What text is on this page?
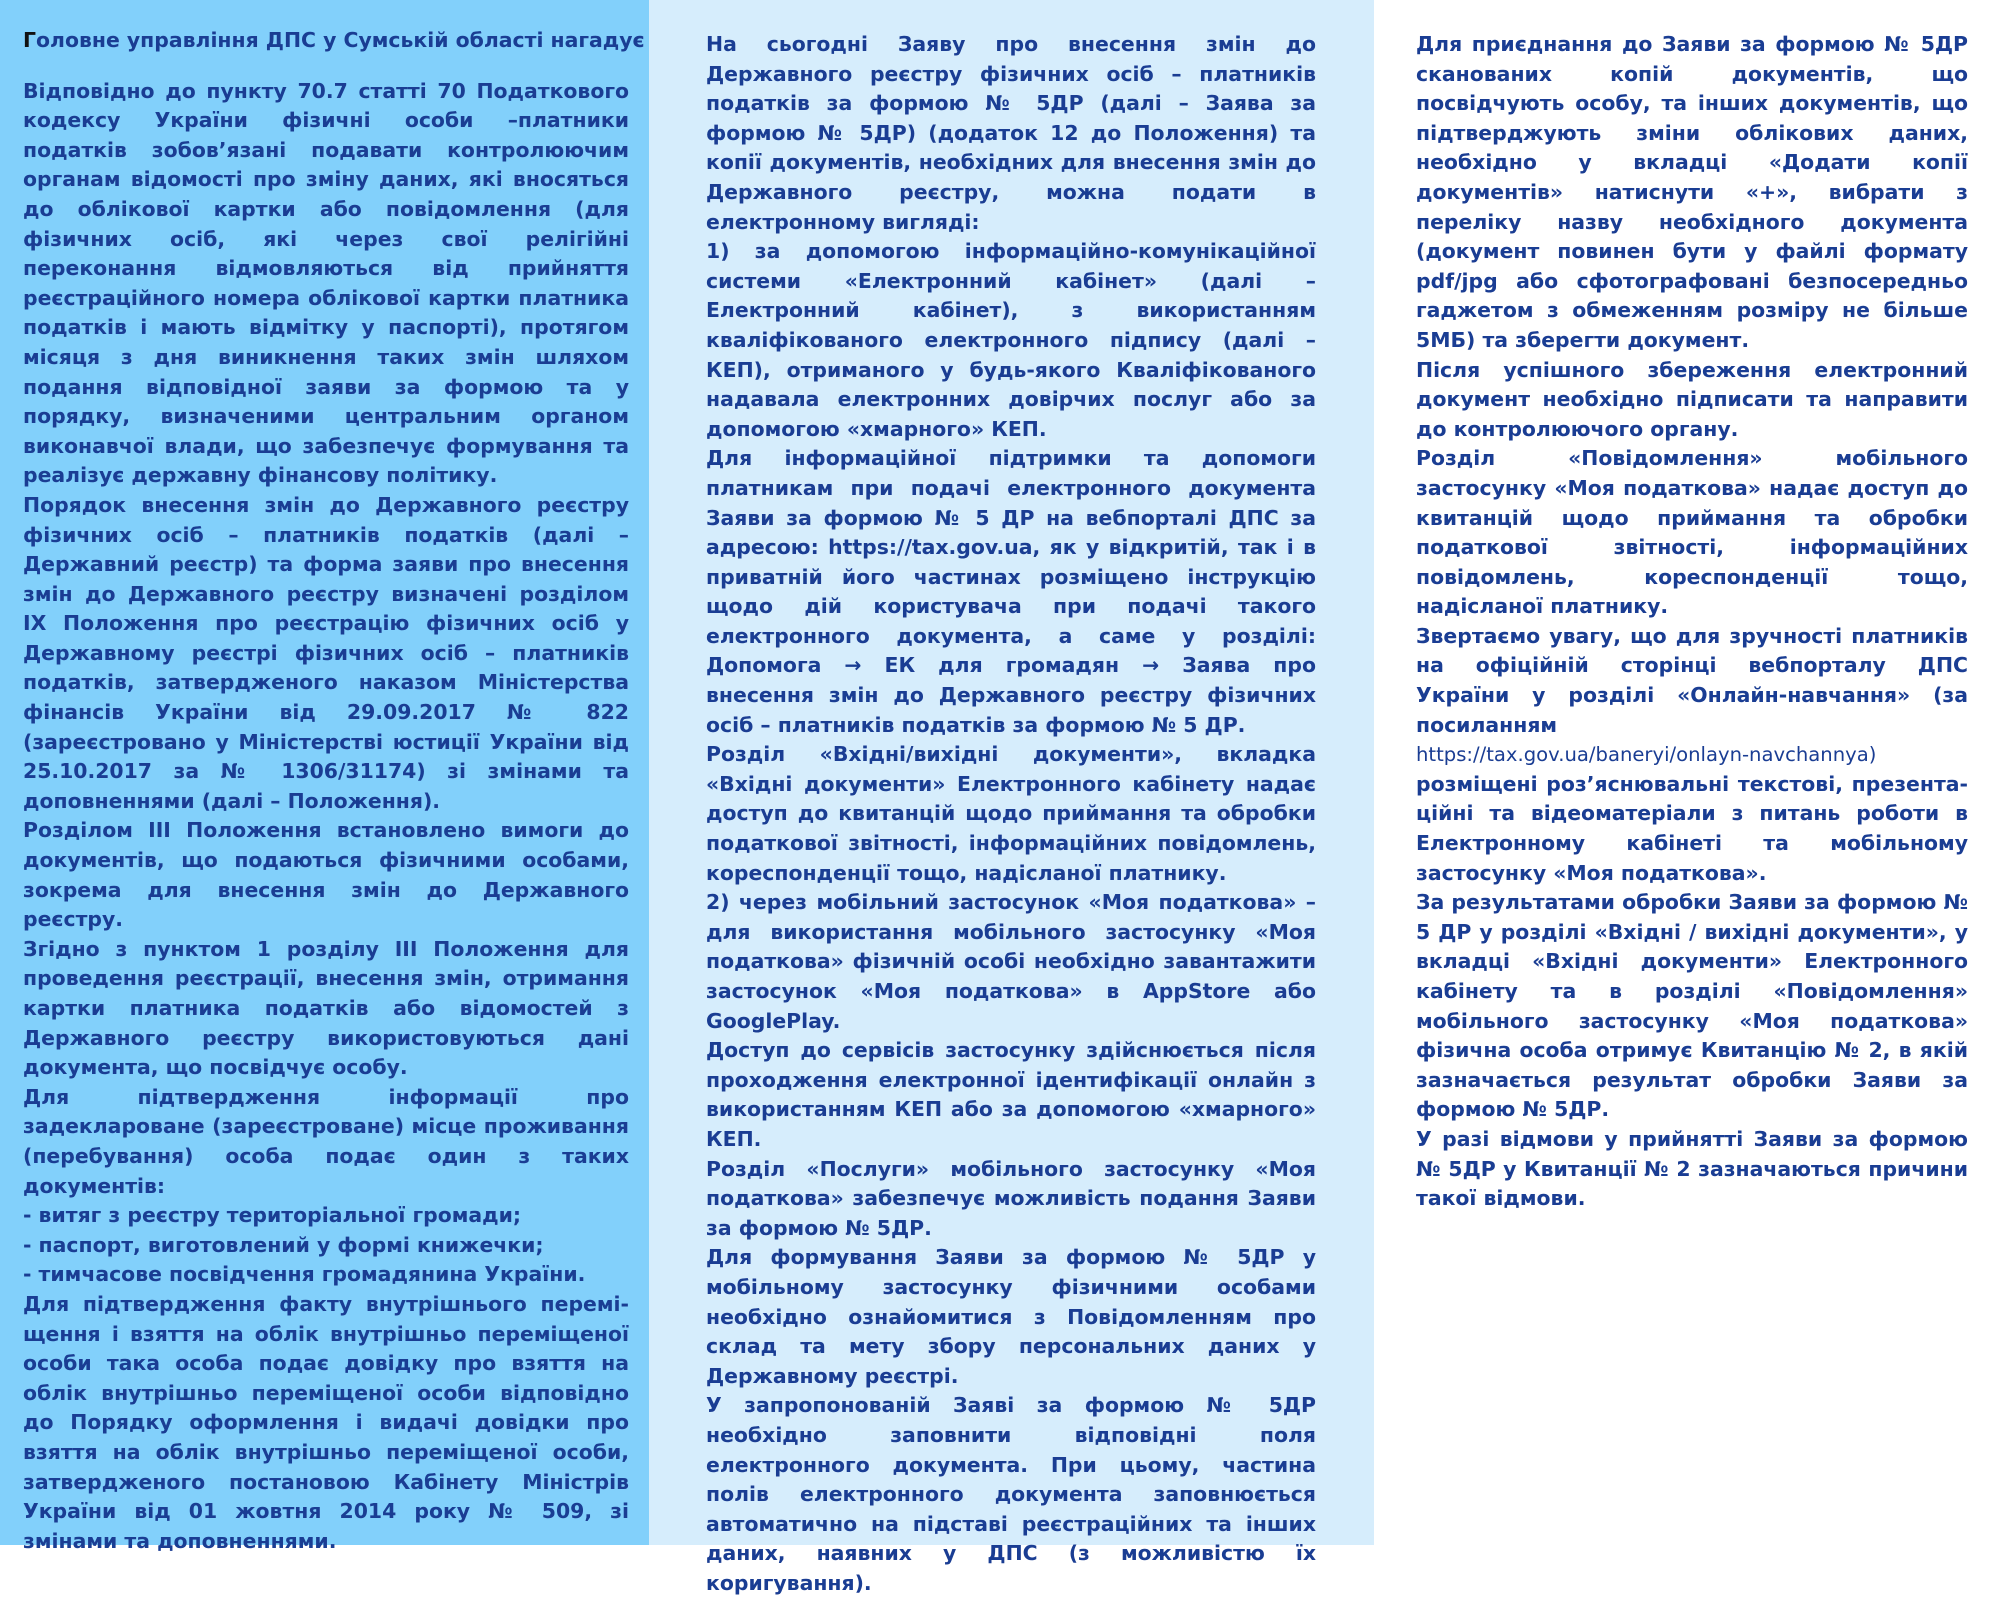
Головне управління ДПС у Сумській області нагадує

Відповідно до пункту 70.7 статті 70 Податкового кодексу України фізичні особи –платники податків зобов’язані подавати контролюючим органам відомості про зміну даних, які вносяться до облікової картки або повідомлення (для фізичних осіб, які через свої релігійні переконання відмовляються від прийняття реєстраційного номера облікової картки платника податків і мають відмітку у паспорті), протягом місяця з дня виникнення таких змін шляхом подання відповідної заяви за формою та у порядку, визначеними центральним органом виконавчої влади, що забезпечує формування та реалізує державну фінансову політику.

Порядок внесення змін до Державного реєстру фізичних осіб – платників податків (далі – Державний реєстр) та форма заяви про внесення змін до Державного реєстру визначені розділом IX Положення про реєстрацію фізичних осіб у Державному реєстрі фізичних осіб – платників податків, затвердженого наказом Міністерства фінансів України від 29.09.2017 № 822 (зареєстровано у Міністерстві юстиції України від 25.10.2017 за № 1306/31174) зі змінами та доповненнями (далі – Положення).

Розділом III Положення встановлено вимоги до документів, що подаються фізичними особами, зокрема для внесення змін до Державного реєстру.

Згідно з пунктом 1 розділу III Положення для проведення реєстрації, внесення змін, отримання картки платника податків або відомостей з Державного реєстру використовуються дані документа, що посвідчує особу.

Для підтвердження інформації про задеклароване (зареєстроване) місце проживання (перебування) особа подає один з таких документів:

- витяг з реєстру територіальної громади;

- паспорт, виготовлений у формі книжечки;

- тимчасове посвідчення громадянина України.

Для підтвердження факту внутрішнього переміщення і взяття на облік внутрішньо переміщеної особи така особа подає довідку про взяття на облік внутрішньо переміщеної особи відповідно до Порядку оформлення і видачі довідки про взяття на облік внутрішньо переміщеної особи, затвердженого постановою Кабінету Міністрів України від 01 жовтня 2014 року № 509, зі змінами та доповненнями.

На сьогодні Заяву про внесення змін до Державного реєстру фізичних осіб – платників податків за формою № 5ДР (далі – Заява за формою № 5ДР) (додаток 12 до Положення) та копії документів, необхідних для внесення змін до Державного реєстру, можна подати в електронному вигляді:

1) за допомогою інформаційно-комунікаційної системи «Електронний кабінет» (далі – Електронний кабінет), з використанням кваліфікованого електронного підпису (далі – КЕП), отриманого у будь-якого Кваліфікованого надавала електронних довірчих послуг або за допомогою «хмарного» КЕП.

Для інформаційної підтримки та допомоги платникам при подачі електронного документа Заяви за формою № 5 ДР на вебпорталі ДПС за адресою: https://tax.gov.ua, як у відкритій, так і в приватній його частинах розміщено інструкцію щодо дій користувача при подачі такого електронного документа, а саме у розділі: Допомога → ЕК для громадян → Заява про внесення змін до Державного реєстру фізичних осіб – платників податків за формою № 5 ДР.

Розділ «Вхідні/вихідні документи», вкладка «Вхідні документи» Електронного кабінету надає доступ до квитанцій щодо приймання та обробки податкової звітності, інформаційних повідомлень, кореспонденції тощо, надісланої платнику.

2) через мобільний застосунок «Моя податкова» – для використання мобільного застосунку «Моя податкова» фізичній особі необхідно завантажити застосунок «Моя податкова» в AppStore або GooglePlay.

Доступ до сервісів застосунку здійснюється після проходження електронної ідентифікації онлайн з використанням КЕП або за допомогою «хмарного» КЕП.

Розділ «Послуги» мобільного застосунку «Моя податкова» забезпечує можливість подання Заяви за формою № 5ДР.

Для формування Заяви за формою № 5ДР у мобільному застосунку фізичними особами необхідно ознайомитися з Повідомленням про склад та мету збору персональних даних у Державному реєстрі.

У запропонованій Заяві за формою № 5ДР необхідно заповнити відповідні поля електронного документа. При цьому, частина полів електронного документа заповнюється автоматично на підставі реєстраційних та інших даних, наявних у ДПС (з можливістю їх коригування).

Для приєднання до Заяви за формою № 5ДР сканованих копій документів, що посвідчують особу, та інших документів, що підтверджують зміни облікових даних, необхідно у вкладці «Додати копії документів» натиснути «+», вибрати з переліку назву необхідного документа (документ повинен бути у файлі формату pdf/jpg або сфотографовані безпосередньо гаджетом з обмеженням розміру не більше 5МБ) та зберегти документ.

Після успішного збереження електронний документ необхідно підписати та направити до контролюючого органу.

Розділ «Повідомлення» мобільного застосунку «Моя податкова» надає доступ до квитанцій щодо приймання та обробки податкової звітності, інформаційних повідомлень, кореспонденції тощо, надісланої платнику.

Звертаємо увагу, що для зручності платників на офіційній сторінці вебпорталу ДПС України у розділі «Онлайн-навчання» (за посиланням

https://tax.gov.ua/baneryi/onlayn-navchannya)

розміщені роз’яснювальні текстові, презентаційні та відеоматеріали з питань роботи в Електронному кабінеті та мобільному застосунку «Моя податкова».

За результатами обробки Заяви за формою № 5 ДР у розділі «Вхідні / вихідні документи», у вкладці «Вхідні документи» Електронного кабінету та в розділі «Повідомлення» мобільного застосунку «Моя податкова» фізична особа отримує Квитанцію № 2, в якій зазначається результат обробки Заяви за формою № 5ДР.

У разі відмови у прийнятті Заяви за формою № 5ДР у Квитанції № 2 зазначаються причини такої відмови.
